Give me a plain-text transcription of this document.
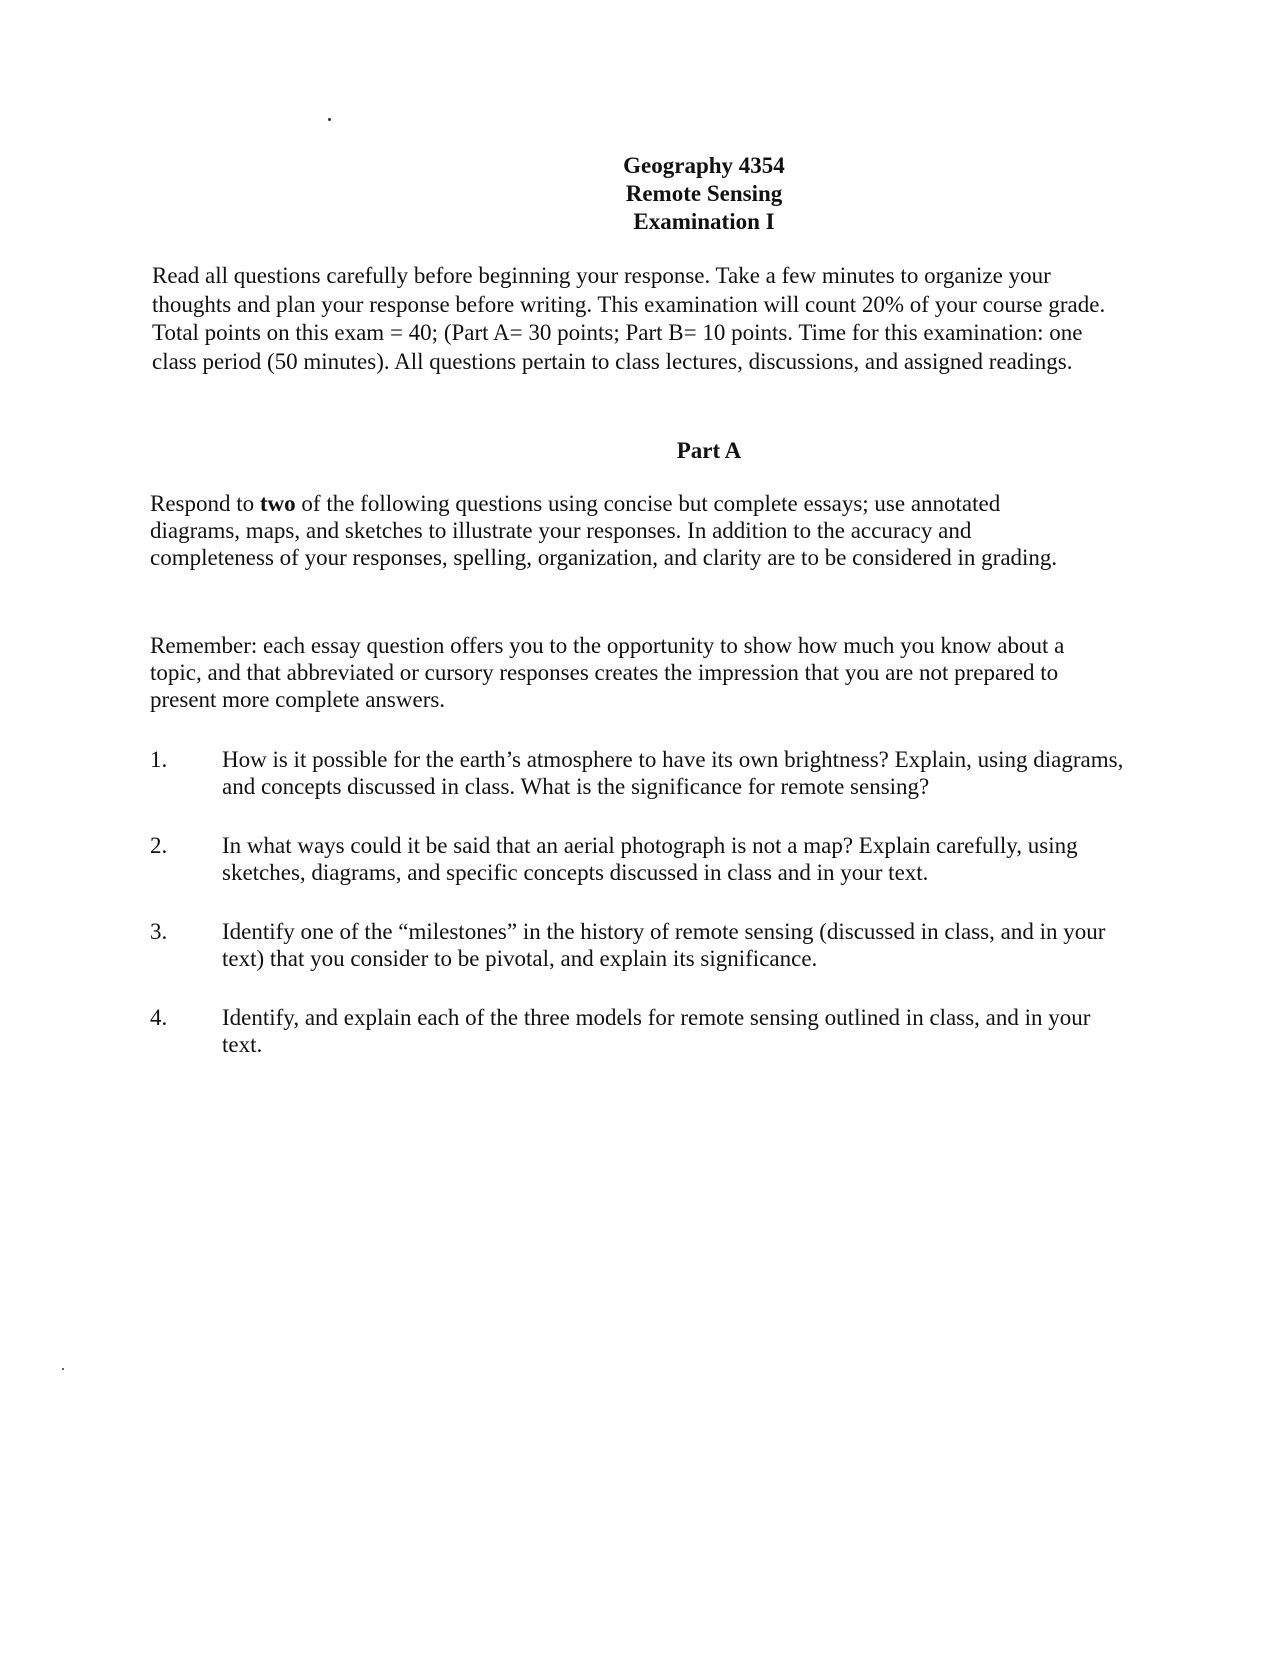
Geography 4354
Remote Sensing
Examination I

Read all questions carefully before beginning your response. Take a few minutes to organize your thoughts and plan your response before writing. This examination will count 20% of your course grade. Total points on this exam = 40; (Part A= 30 points; Part B= 10 points. Time for this examination: one class period (50 minutes). All questions pertain to class lectures, discussions, and assigned readings.

Part A

Respond to two of the following questions using concise but complete essays; use annotated diagrams, maps, and sketches to illustrate your responses. In addition to the accuracy and completeness of your responses, spelling, organization, and clarity are to be considered in grading.

Remember: each essay question offers you to the opportunity to show how much you know about a topic, and that abbreviated or cursory responses creates the impression that you are not prepared to present more complete answers.

1. How is it possible for the earth’s atmosphere to have its own brightness? Explain, using diagrams, and concepts discussed in class. What is the significance for remote sensing?
2. In what ways could it be said that an aerial photograph is not a map? Explain carefully, using sketches, diagrams, and specific concepts discussed in class and in your text.
3. Identify one of the “milestones” in the history of remote sensing (discussed in class, and in your text) that you consider to be pivotal, and explain its significance.
4. Identify, and explain each of the three models for remote sensing outlined in class, and in your text.
